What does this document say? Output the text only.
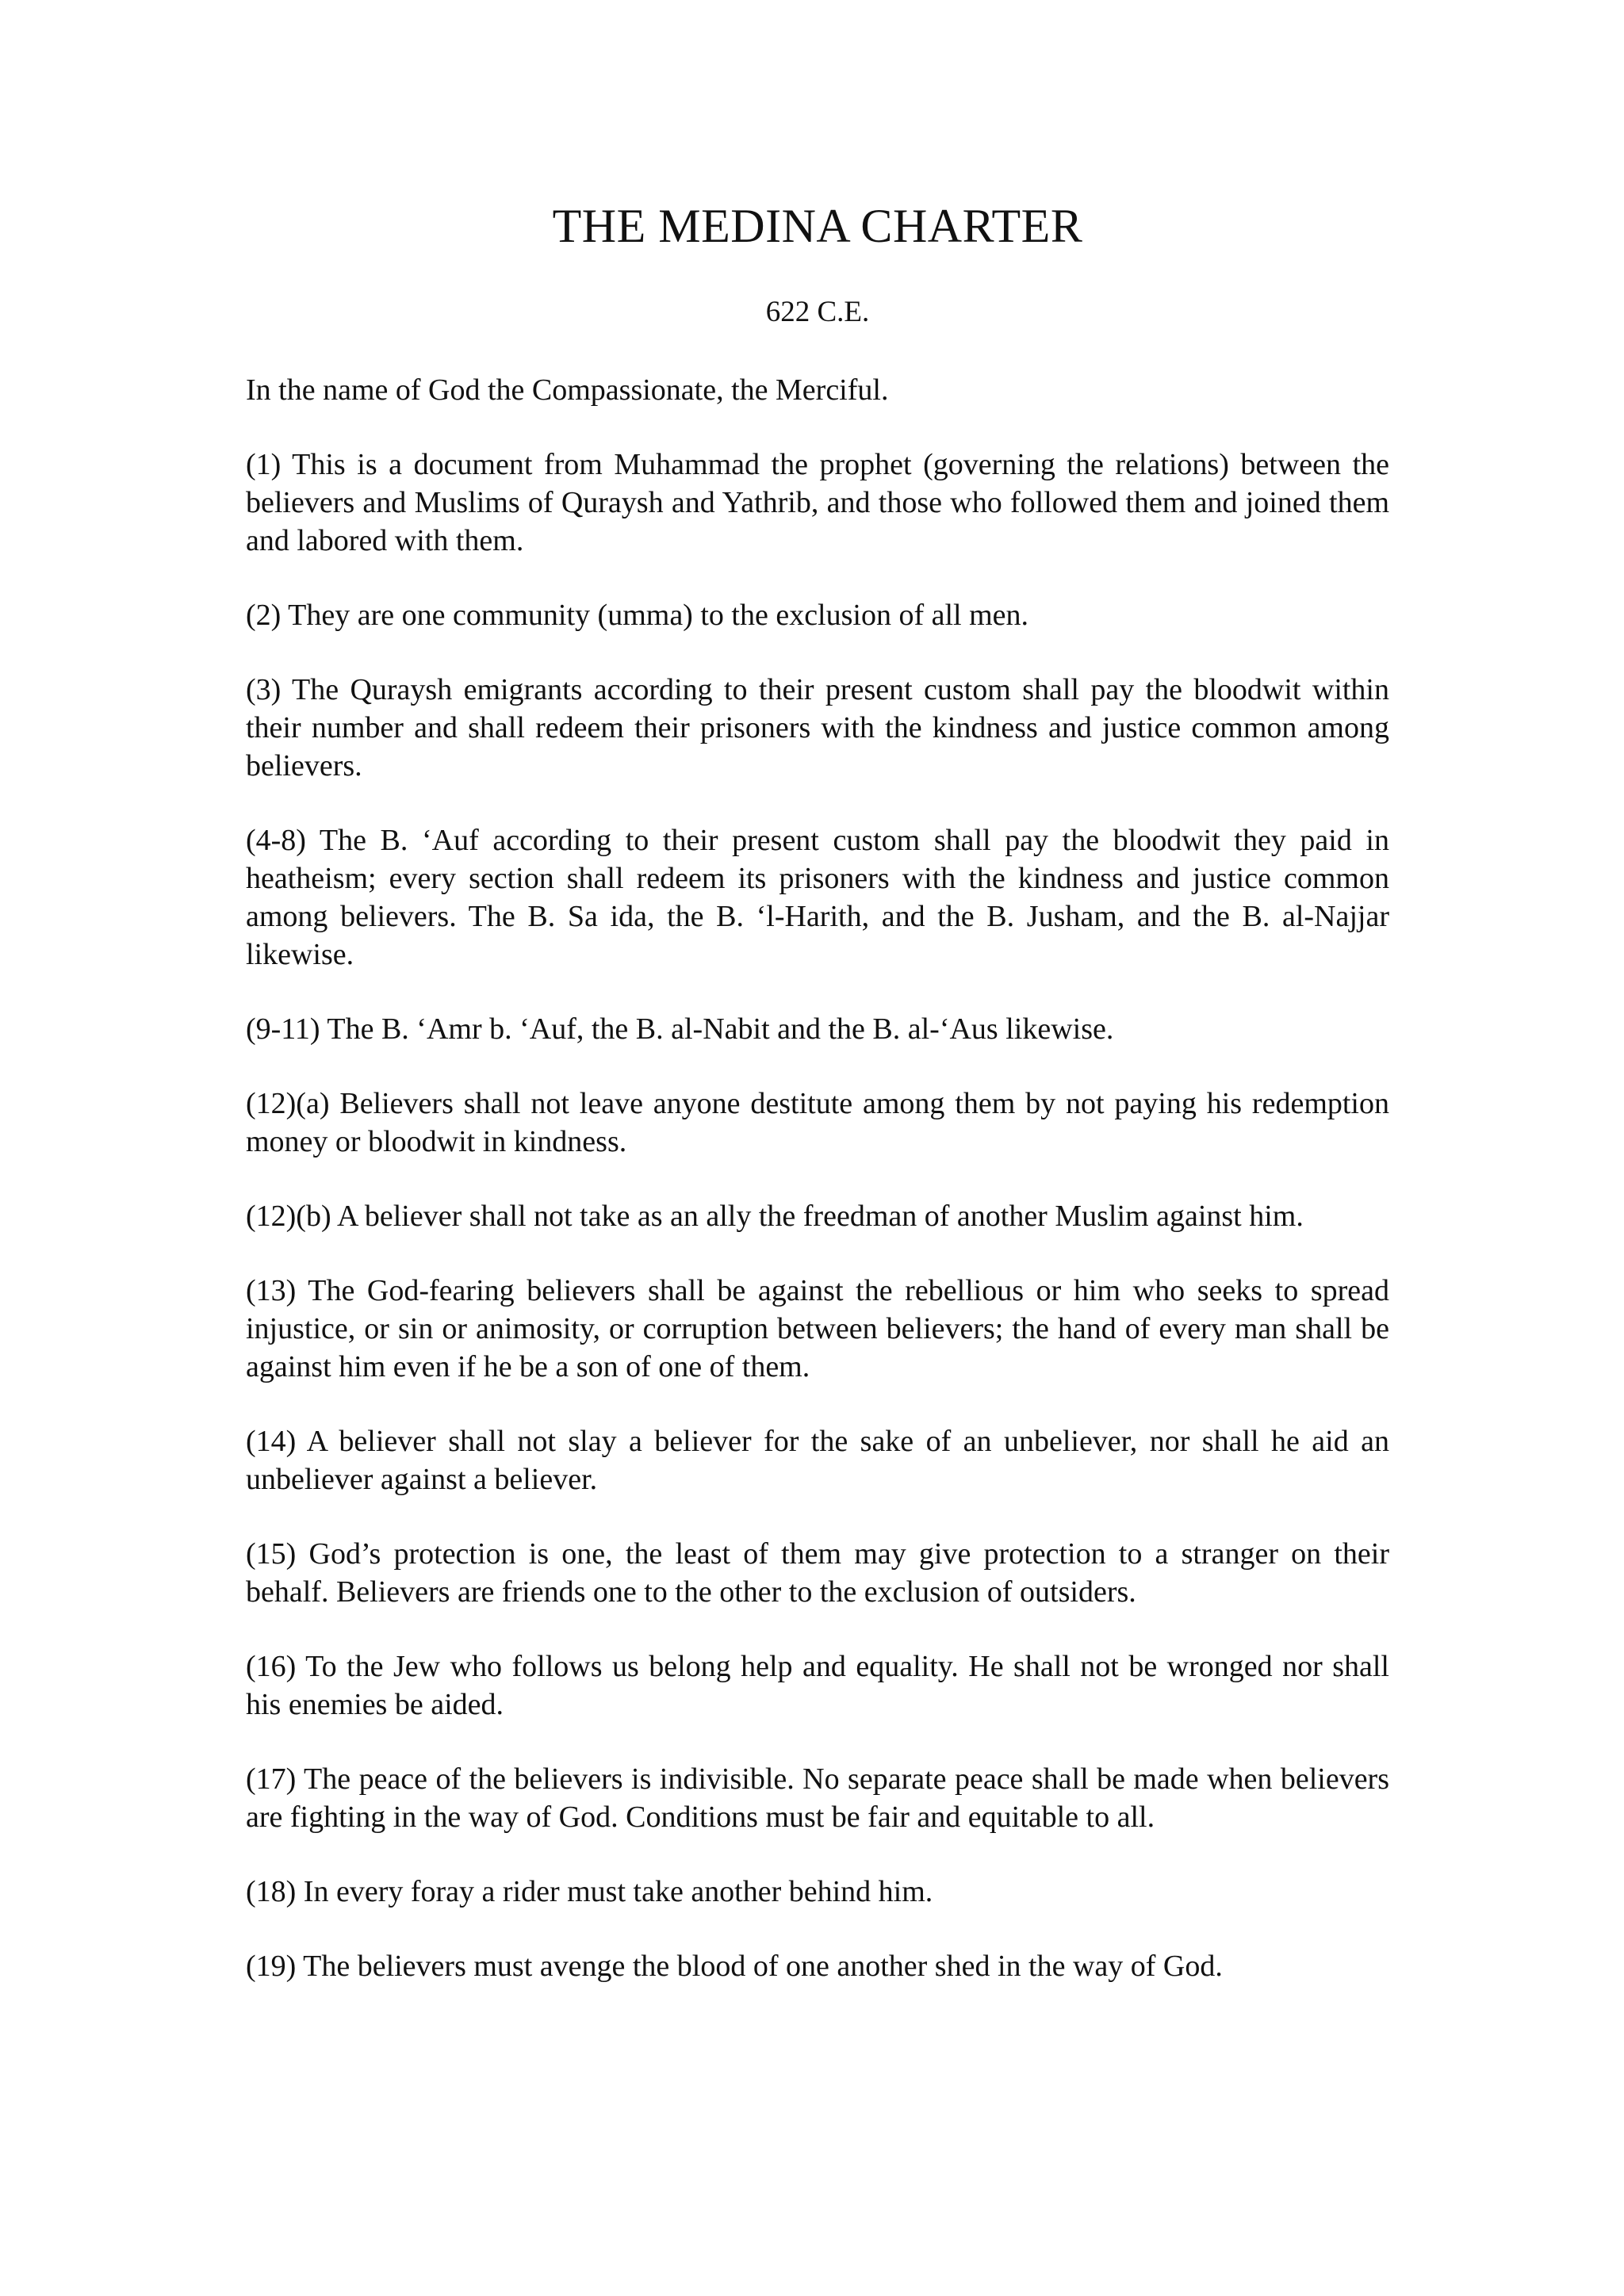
THE MEDINA CHARTER

622 C.E.

In the name of God the Compassionate, the Merciful.

(1) This is a document from Muhammad the prophet (governing the relations) between the believers and Muslims of Quraysh and Yathrib, and those who followed them and joined them and labored with them.

(2) They are one community (umma) to the exclusion of all men.

(3) The Quraysh emigrants according to their present custom shall pay the bloodwit within their number and shall redeem their prisoners with the kindness and justice common among believers.

(4-8) The B. ‘Auf according to their present custom shall pay the bloodwit they paid in heatheism; every section shall redeem its prisoners with the kindness and justice common among believers. The B. Sa ida, the B. ‘l-Harith, and the B. Jusham, and the B. al-Najjar likewise.

(9-11) The B. ‘Amr b. ‘Auf, the B. al-Nabit and the B. al-‘Aus likewise.

(12)(a) Believers shall not leave anyone destitute among them by not paying his redemption money or bloodwit in kindness.

(12)(b) A believer shall not take as an ally the freedman of another Muslim against him.

(13) The God-fearing believers shall be against the rebellious or him who seeks to spread injustice, or sin or animosity, or corruption between believers; the hand of every man shall be against him even if he be a son of one of them.

(14) A believer shall not slay a believer for the sake of an unbeliever, nor shall he aid an unbeliever against a believer.

(15) God’s protection is one, the least of them may give protection to a stranger on their behalf. Believers are friends one to the other to the exclusion of outsiders.

(16) To the Jew who follows us belong help and equality. He shall not be wronged nor shall his enemies be aided.

(17) The peace of the believers is indivisible. No separate peace shall be made when believers are fighting in the way of God. Conditions must be fair and equitable to all.

(18) In every foray a rider must take another behind him.

(19) The believers must avenge the blood of one another shed in the way of God.
